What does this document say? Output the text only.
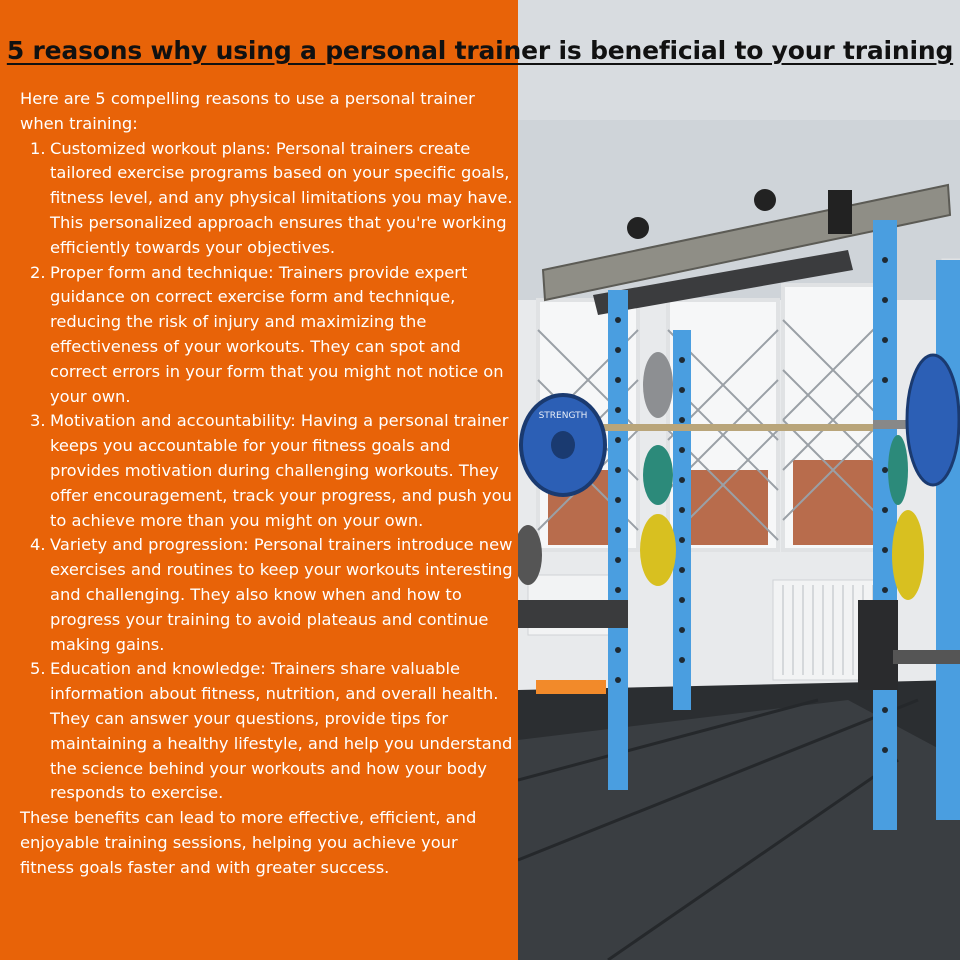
STRENGTH
5 reasons why using a personal trainer is beneficial to your training

Here are 5 compelling reasons to use a personal trainer when training:

1. Customized workout plans: Personal trainers create tailored exercise programs based on your specific goals, fitness level, and any physical limitations you may have. This personalized approach ensures that you're working efficiently towards your objectives.
2. Proper form and technique: Trainers provide expert guidance on correct exercise form and technique, reducing the risk of injury and maximizing the effectiveness of your workouts. They can spot and correct errors in your form that you might not notice on your own.
3. Motivation and accountability: Having a personal trainer keeps you accountable for your fitness goals and provides motivation during challenging workouts. They offer encouragement, track your progress, and push you to achieve more than you might on your own.
4. Variety and progression: Personal trainers introduce new exercises and routines to keep your workouts interesting and challenging. They also know when and how to progress your training to avoid plateaus and continue making gains.
5. Education and knowledge: Trainers share valuable information about fitness, nutrition, and overall health. They can answer your questions, provide tips for maintaining a healthy lifestyle, and help you understand the science behind your workouts and how your body responds to exercise.

These benefits can lead to more effective, efficient, and enjoyable training sessions, helping you achieve your fitness goals faster and with greater success.
